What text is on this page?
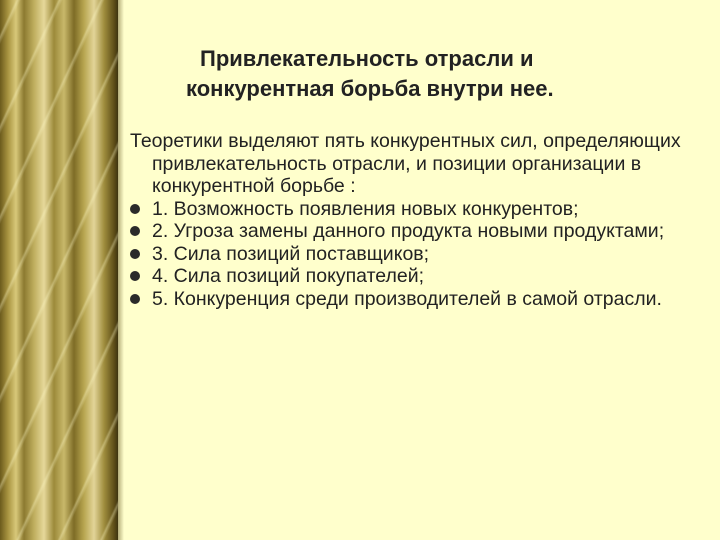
Привлекательность отрасли и
конкурентная борьба внутри нее.

Теоретики выделяют пять конкурентных сил, определяющих привлекательность отрасли, и позиции организации в конкурентной борьбе :

1. Возможность появления новых конкурентов;
2. Угроза замены данного продукта новыми продуктами;
3. Сила позиций поставщиков;
4. Сила позиций покупателей;
5. Конкуренция среди производителей в самой отрасли.
